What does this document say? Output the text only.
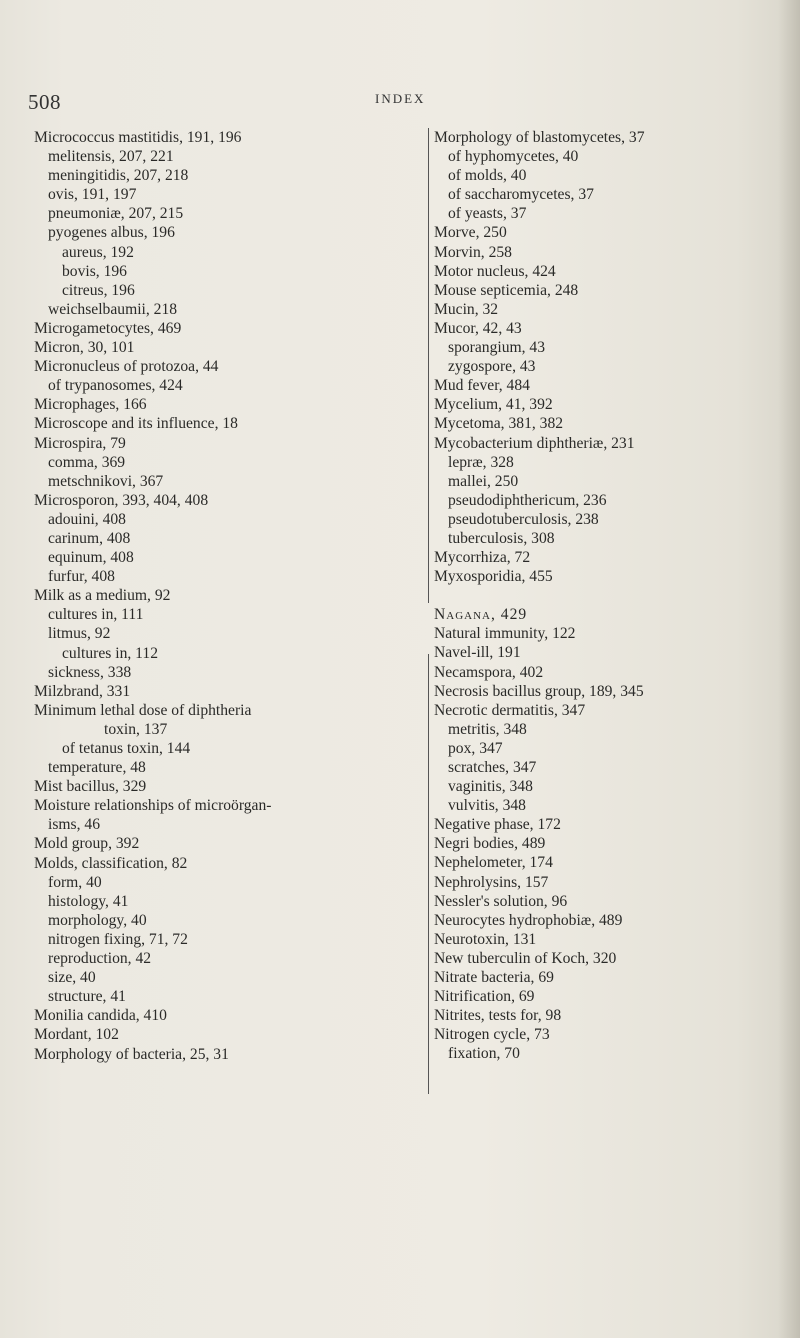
508	INDEX
Micrococcus mastitidis, 191, 196
melitensis, 207, 221
meningitidis, 207, 218
ovis, 191, 197
pneumoniæ, 207, 215
pyogenes albus, 196
aureus, 192
bovis, 196
citreus, 196
weichselbaumii, 218
Microgametocytes, 469
Micron, 30, 101
Micronucleus of protozoa, 44
of trypanosomes, 424
Microphages, 166
Microscope and its influence, 18
Microspira, 79
comma, 369
metschnikovi, 367
Microsporon, 393, 404, 408
adouini, 408
carinum, 408
equinum, 408
furfur, 408
Milk as a medium, 92
cultures in, 111
litmus, 92
cultures in, 112
sickness, 338
Milzbrand, 331
Minimum lethal dose of diphtheria
toxin, 137
of tetanus toxin, 144
temperature, 48
Mist bacillus, 329
Moisture relationships of microörgan-
isms, 46
Mold group, 392
Molds, classification, 82
form, 40
histology, 41
morphology, 40
nitrogen fixing, 71, 72
reproduction, 42
size, 40
structure, 41
Monilia candida, 410
Mordant, 102
Morphology of bacteria, 25, 31
Morphology of blastomycetes, 37
of hyphomycetes, 40
of molds, 40
of saccharomycetes, 37
of yeasts, 37
Morve, 250
Morvin, 258
Motor nucleus, 424
Mouse septicemia, 248
Mucin, 32
Mucor, 42, 43
sporangium, 43
zygospore, 43
Mud fever, 484
Mycelium, 41, 392
Mycetoma, 381, 382
Mycobacterium diphtheriæ, 231
lepræ, 328
mallei, 250
pseudodiphthericum, 236
pseudotuberculosis, 238
tuberculosis, 308
Mycorrhiza, 72
Myxosporidia, 455
Nagana, 429
Natural immunity, 122
Navel-ill, 191
Necamspora, 402
Necrosis bacillus group, 189, 345
Necrotic dermatitis, 347
metritis, 348
pox, 347
scratches, 347
vaginitis, 348
vulvitis, 348
Negative phase, 172
Negri bodies, 489
Nephelometer, 174
Nephrolysins, 157
Nessler's solution, 96
Neurocytes hydrophobiæ, 489
Neurotoxin, 131
New tuberculin of Koch, 320
Nitrate bacteria, 69
Nitrification, 69
Nitrites, tests for, 98
Nitrogen cycle, 73
fixation, 70
